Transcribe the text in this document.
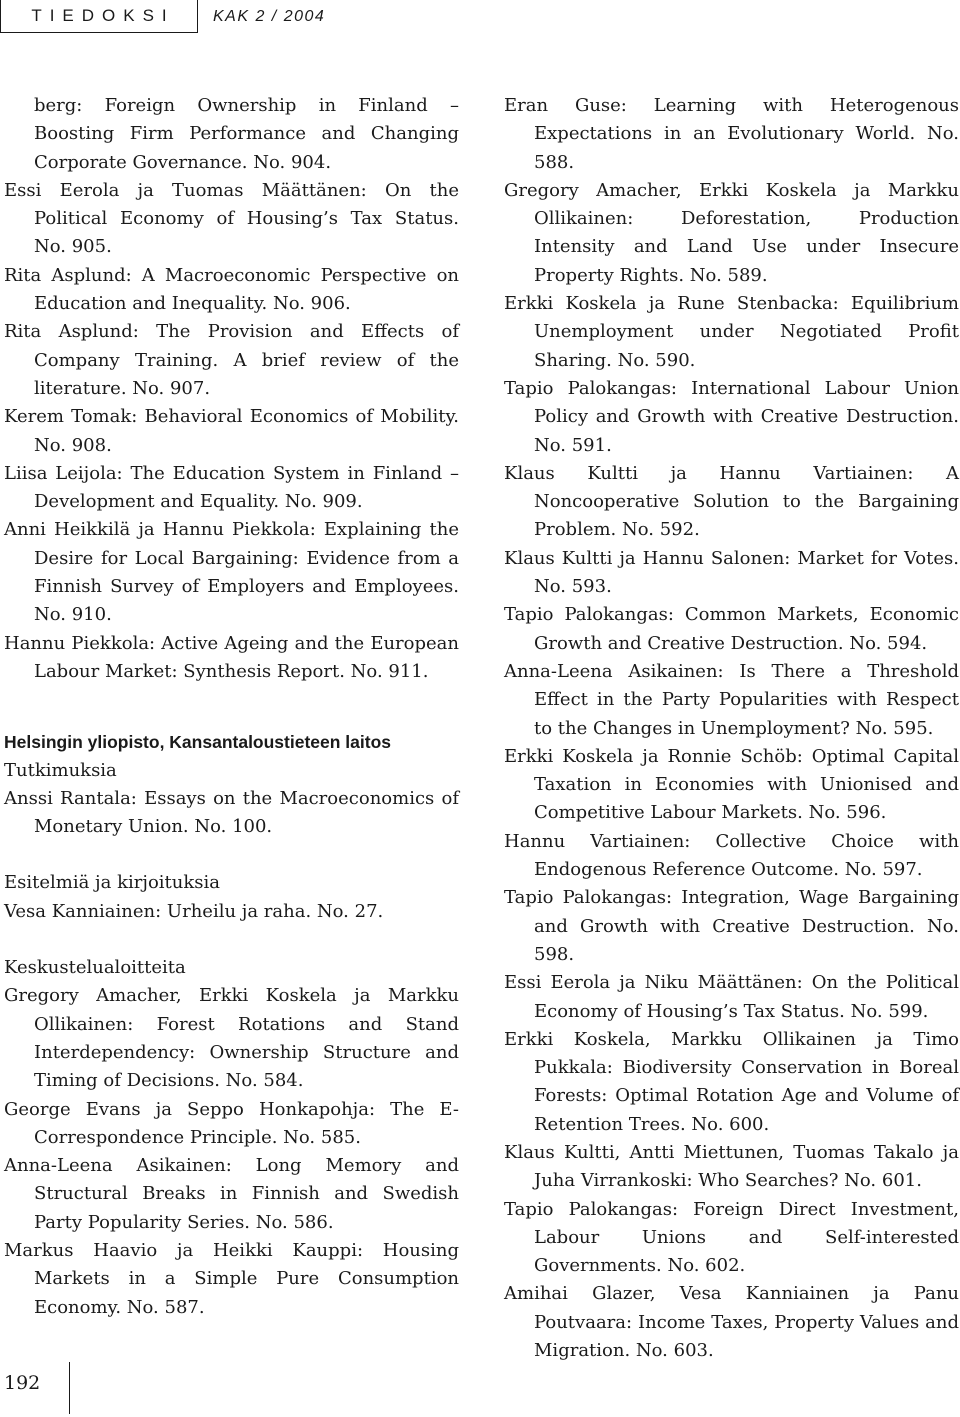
TIEDOKSI	KAK 2 / 2004

berg: Foreign Ownership in Finland – Boosting Firm Performance and Changing Corporate Governance. No. 904.

Essi Eerola ja Tuomas Määttänen: On the Political Economy of Housing’s Tax Status. No. 905.

Rita Asplund: A Macroeconomic Perspective on Education and Inequality. No. 906.

Rita Asplund: The Provision and Effects of Company Training. A brief review of the literature. No. 907.

Kerem Tomak: Behavioral Economics of Mobility. No. 908.

Liisa Leijola: The Education System in Finland – Development and Equality. No. 909.

Anni Heikkilä ja Hannu Piekkola: Explaining the Desire for Local Bargaining: Evidence from a Finnish Survey of Employers and Employees. No. 910.

Hannu Piekkola: Active Ageing and the European Labour Market: Synthesis Report. No. 911.

Helsingin yliopisto, Kansantaloustieteen laitos

Tutkimuksia

Anssi Rantala: Essays on the Macroeconomics of Monetary Union. No. 100.

Esitelmiä ja kirjoituksia

Vesa Kanniainen: Urheilu ja raha. No. 27.

Keskustelualoitteita

Gregory Amacher, Erkki Koskela ja Markku Ollikainen: Forest Rotations and Stand Interdependency: Ownership Structure and Timing of Decisions. No. 584.

George Evans ja Seppo Honkapohja: The E-Correspondence Principle. No. 585.

Anna-Leena Asikainen: Long Memory and Structural Breaks in Finnish and Swedish Party Popularity Series. No. 586.

Markus Haavio ja Heikki Kauppi: Housing Markets in a Simple Pure Consumption Economy. No. 587.

Eran Guse: Learning with Heterogenous Expectations in an Evolutionary World. No. 588.

Gregory Amacher, Erkki Koskela ja Markku Ollikainen: Deforestation, Production Intensity and Land Use under Insecure Property Rights. No. 589.

Erkki Koskela ja Rune Stenbacka: Equilibrium Unemployment under Negotiated Profit Sharing. No. 590.

Tapio Palokangas: International Labour Union Policy and Growth with Creative Destruction. No. 591.

Klaus Kultti ja Hannu Vartiainen: A Noncooperative Solution to the Bargaining Problem. No. 592.

Klaus Kultti ja Hannu Salonen: Market for Votes. No. 593.

Tapio Palokangas: Common Markets, Economic Growth and Creative Destruction. No. 594.

Anna-Leena Asikainen: Is There a Threshold Effect in the Party Popularities with Respect to the Changes in Unemployment? No. 595.

Erkki Koskela ja Ronnie Schöb: Optimal Capital Taxation in Economies with Unionised and Competitive Labour Markets. No. 596.

Hannu Vartiainen: Collective Choice with Endogenous Reference Outcome. No. 597.

Tapio Palokangas: Integration, Wage Bargaining and Growth with Creative Destruction. No. 598.

Essi Eerola ja Niku Määttänen: On the Political Economy of Housing’s Tax Status. No. 599.

Erkki Koskela, Markku Ollikainen ja Timo Pukkala: Biodiversity Conservation in Boreal Forests: Optimal Rotation Age and Volume of Retention Trees. No. 600.

Klaus Kultti, Antti Miettunen, Tuomas Takalo ja Juha Virrankoski: Who Searches? No. 601.

Tapio Palokangas: Foreign Direct Investment, Labour Unions and Self-interested Governments. No. 602.

Amihai Glazer, Vesa Kanniainen ja Panu Poutvaara: Income Taxes, Property Values and Migration. No. 603.

192
